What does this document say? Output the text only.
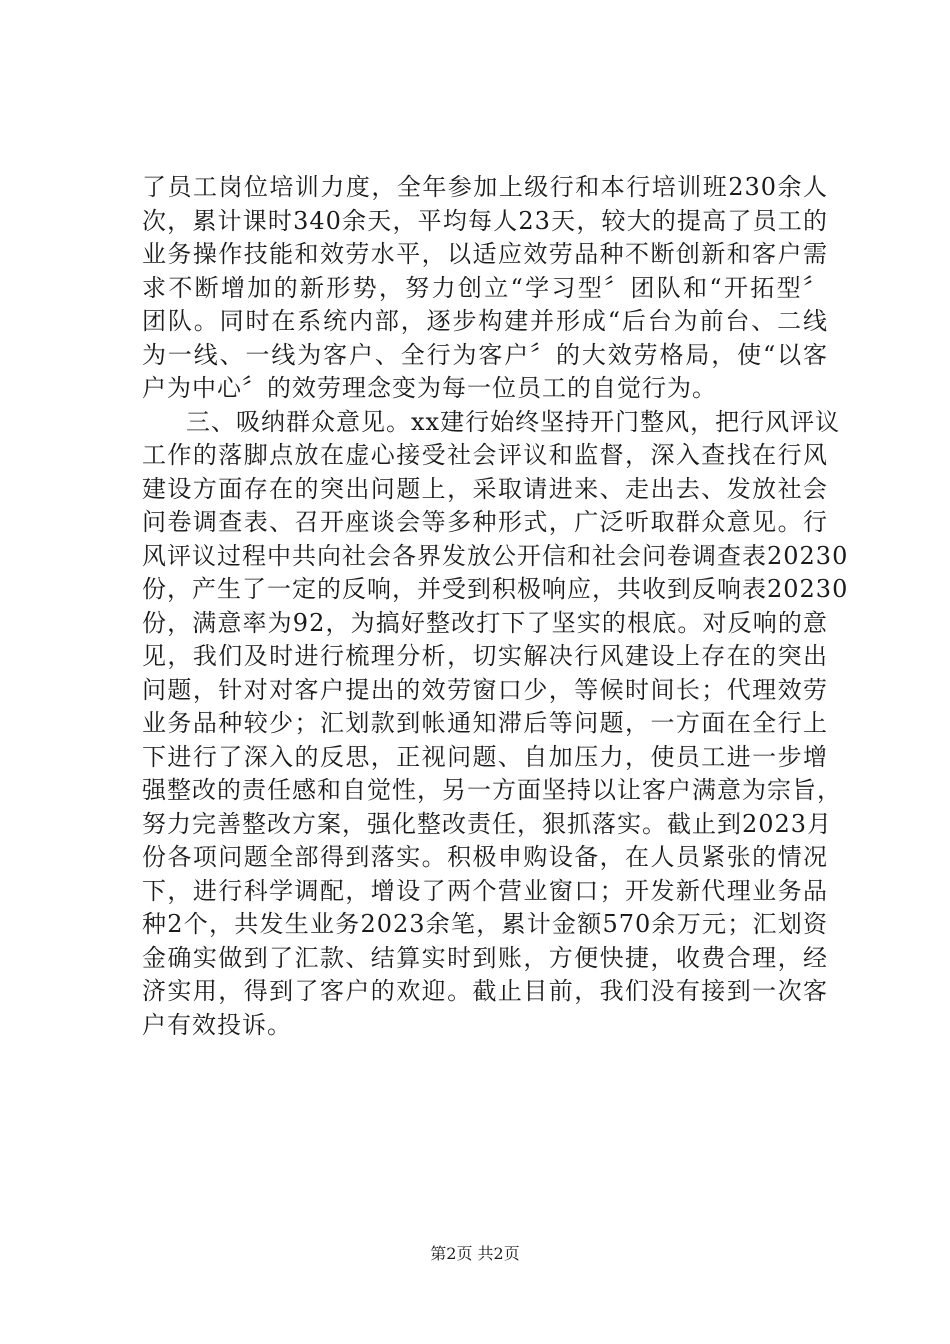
了员工岗位培训力度，全年参加上级行和本行培训班230余人
次，累计课时340余天，平均每人23天，较大的提高了员工的
业务操作技能和效劳水平，以适应效劳品种不断创新和客户需
求不断增加的新形势，努力创立“学习型〞团队和“开拓型〞
团队。同时在系统内部，逐步构建并形成“后台为前台、二线
为一线、一线为客户、全行为客户〞的大效劳格局，使“以客
户为中心〞的效劳理念变为每一位员工的自觉行为。
三、吸纳群众意见。xx建行始终坚持开门整风，把行风评议
工作的落脚点放在虚心接受社会评议和监督，深入查找在行风
建设方面存在的突出问题上，采取请进来、走出去、发放社会
问卷调查表、召开座谈会等多种形式，广泛听取群众意见。行
风评议过程中共向社会各界发放公开信和社会问卷调查表20230
份，产生了一定的反响，并受到积极响应，共收到反响表20230
份，满意率为92，为搞好整改打下了坚实的根底。对反响的意
见，我们及时进行梳理分析，切实解决行风建设上存在的突出
问题，针对对客户提出的效劳窗口少，等候时间长；代理效劳
业务品种较少；汇划款到帐通知滞后等问题，一方面在全行上
下进行了深入的反思，正视问题、自加压力，使员工进一步增
强整改的责任感和自觉性，另一方面坚持以让客户满意为宗旨，
努力完善整改方案，强化整改责任，狠抓落实。截止到2023月
份各项问题全部得到落实。积极申购设备，在人员紧张的情况
下，进行科学调配，增设了两个营业窗口；开发新代理业务品
种2个，共发生业务2023余笔，累计金额570余万元；汇划资
金确实做到了汇款、结算实时到账，方便快捷，收费合理，经
济实用，得到了客户的欢迎。截止目前，我们没有接到一次客
户有效投诉。
第2页 共2页
